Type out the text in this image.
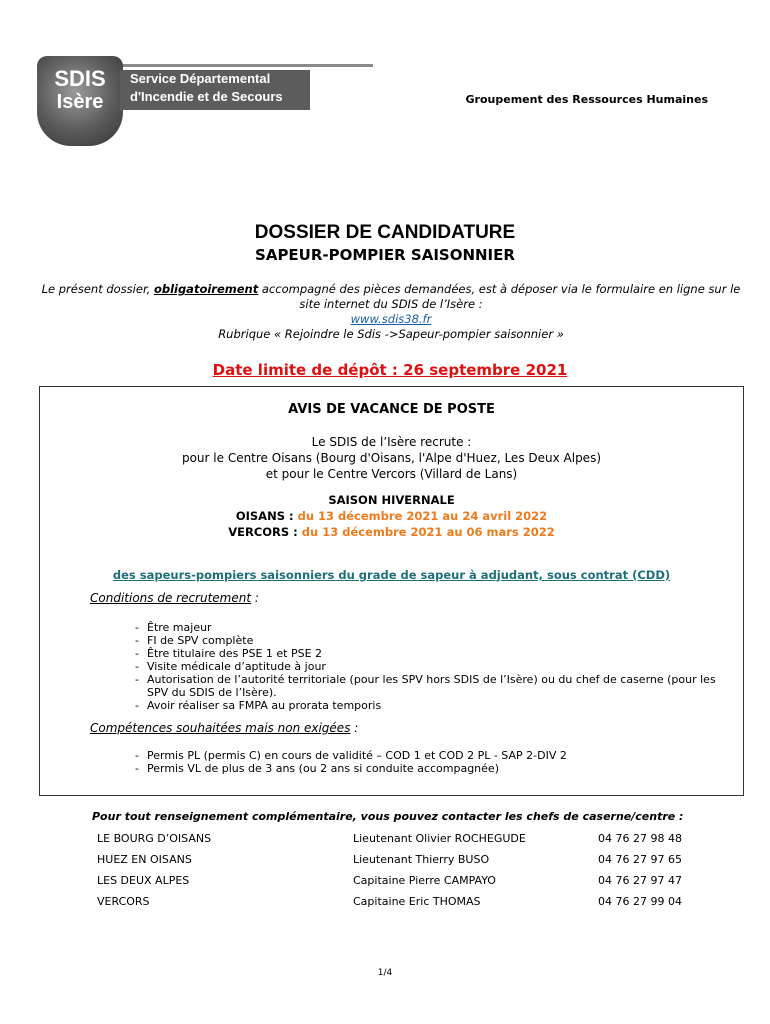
SDIS
Isère
Service Départemental
d'Incendie et de Secours	Groupement des Ressources Humaines
DOSSIER DE CANDIDATURE
SAPEUR-POMPIER SAISONNIER
Le présent dossier, obligatoirement accompagné des pièces demandées, est à déposer via le formulaire en ligne sur le site internet du SDIS de l’Isère :
www.sdis38.fr
Rubrique « Rejoindre le Sdis ->Sapeur-pompier saisonnier »
Date limite de dépôt : 26 septembre 2021
AVIS DE VACANCE DE POSTE
Le SDIS de l’Isère recrute :
pour le Centre Oisans (Bourg d'Oisans, l'Alpe d'Huez, Les Deux Alpes)
et pour le Centre Vercors (Villard de Lans)
SAISON HIVERNALE
OISANS : du 13 décembre 2021 au 24 avril 2022
VERCORS : du 13 décembre 2021 au 06 mars 2022
des sapeurs-pompiers saisonniers du grade de sapeur à adjudant, sous contrat (CDD)
Conditions de recrutement :
- Être majeur
- FI de SPV complète
- Être titulaire des PSE 1 et PSE 2
- Visite médicale d’aptitude à jour
- Autorisation de l’autorité territoriale (pour les SPV hors SDIS de l’Isère) ou du chef de caserne (pour les SPV du SDIS de l’Isère).
- Avoir réaliser sa FMPA au prorata temporis
Compétences souhaitées mais non exigées :
- Permis PL (permis C) en cours de validité – COD 1 et COD 2 PL - SAP 2-DIV 2
- Permis VL de plus de 3 ans (ou 2 ans si conduite accompagnée)
Pour tout renseignement complémentaire, vous pouvez contacter les chefs de caserne/centre :
LE BOURG D’OISANS	Lieutenant Olivier ROCHEGUDE	04 76 27 98 48
HUEZ EN OISANS	Lieutenant Thierry BUSO	04 76 27 97 65
LES DEUX ALPES	Capitaine Pierre CAMPAYO	04 76 27 97 47
VERCORS	Capitaine Eric THOMAS	04 76 27 99 04
1/4
